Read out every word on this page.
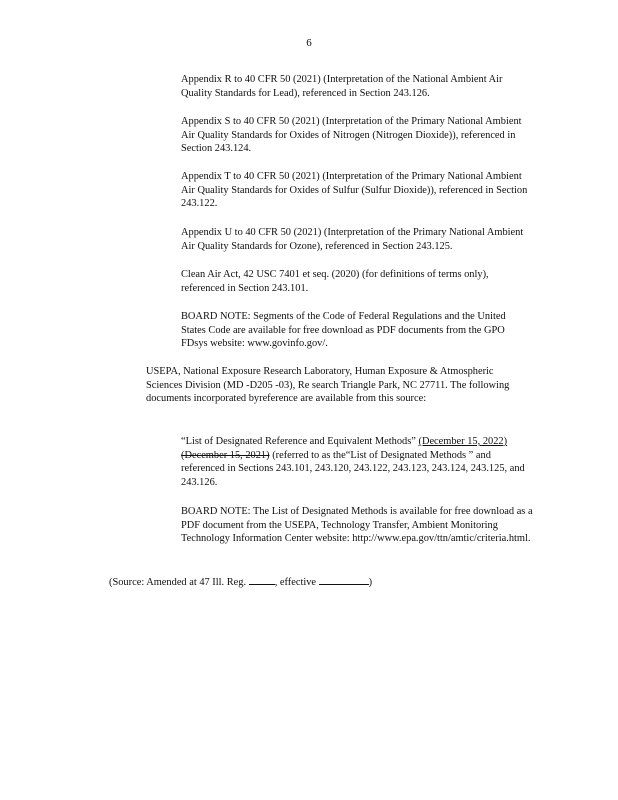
6

Appendix R to 40 CFR 50 (2021) (Interpretation of the National Ambient Air Quality Standards for Lead), referenced in Section 243.126.

Appendix S to 40 CFR 50 (2021) (Interpretation of the Primary National Ambient Air Quality Standards for Oxides of Nitrogen (Nitrogen Dioxide)), referenced in Section 243.124.

Appendix T to 40 CFR 50 (2021) (Interpretation of the Primary National Ambient Air Quality Standards for Oxides of Sulfur (Sulfur Dioxide)), referenced in Section 243.122.

Appendix U to 40 CFR 50 (2021) (Interpretation of the Primary National Ambient Air Quality Standards for Ozone), referenced in Section 243.125.

Clean Air Act, 42 USC 7401 et seq. (2020) (for definitions of terms only), referenced in Section 243.101.

BOARD NOTE: Segments of the Code of Federal Regulations and the United States Code are available for free download as PDF documents from the GPO FDsys website: www.govinfo.gov/.

USEPA, National Exposure Research Laboratory, Human Exposure & Atmospheric Sciences Division (MD -D205 -03), Re search Triangle Park, NC 27711. The following documents incorporated byreference are available from this source:

“List of Designated Reference and Equivalent Methods” (December 15, 2022) (December 15, 2021) (referred to as the“List of Designated Methods ” and referenced in Sections 243.101, 243.120, 243.122, 243.123, 243.124, 243.125, and 243.126.

BOARD NOTE: The List of Designated Methods is available for free download as a PDF document from the USEPA, Technology Transfer, Ambient Monitoring Technology Information Center website: http://www.epa.gov/ttn/amtic/criteria.html.

(Source: Amended at 47 Ill. Reg.	, effective	)
